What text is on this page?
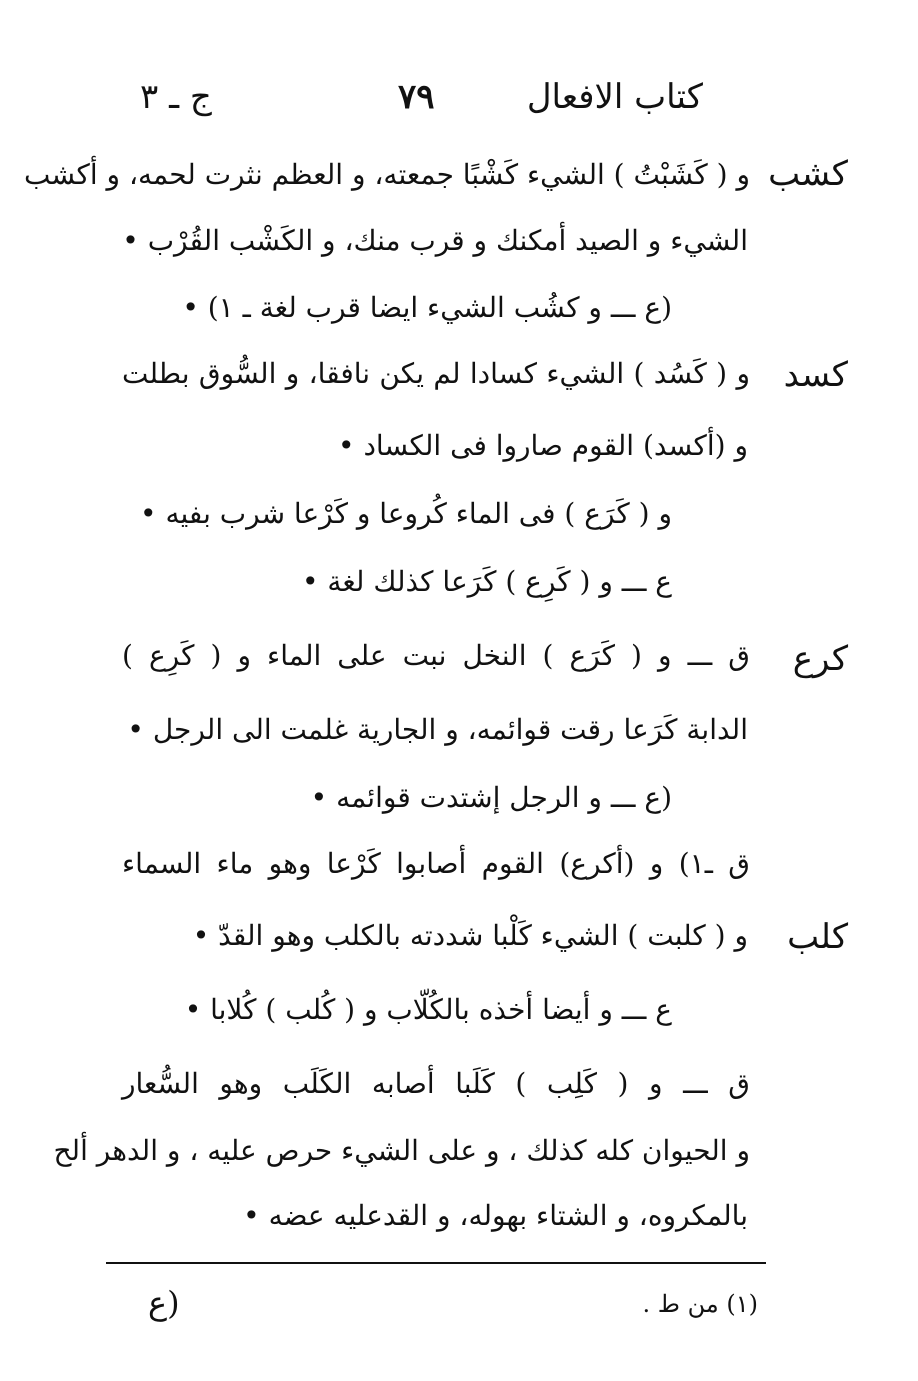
كتاب الافعال
٧٩
ج ـ ٣
كشب
و ( كَشَبْتُ ) الشيء كَشْبًا جمعته، و العظم نثرت لحمه، و أكشب
الشيء و الصيد أمكنك و قرب منك، و الكَشْب القُرْب •
(ع ـــ و كشُب الشيء ايضا قرب لغة ـ ١) •
كسد
و ( كَسُد ) الشيء كسادا لم يكن نافقا، و السُّوق بطلت
و (أكسد) القوم صاروا فى الكساد •
و ( كَرَع ) فى الماء كُروعا و كَرْعا شرب بفيه •
ع ـــ و ( كَرِع ) كَرَعا كذلك لغة •
كرع
ق ـــ و ( كَرَع ) النخل نبت على الماء و ( كَرِع )
الدابة كَرَعا رقت قوائمه، و الجارية غلمت الى الرجل •
(ع ـــ و الرجل إشتدت قوائمه •
ق ـ١) و (أكرع) القوم أصابوا كَرْعا وهو ماء السماء
كلب
و ( كلبت ) الشيء كَلْبا شددته بالكلب وهو القدّ •
ع ـــ و أيضا أخذه بالكُلّاب و ( كُلب ) كُلابا •
ق ـــ و ( كَلِب ) كَلَبا أصابه الكَلَب وهو السُّعار
و الحيوان كله كذلك ، و على الشيء حرص عليه ، و الدهر ألح
بالمكروه، و الشتاء بهوله، و القدعليه عضه •
(١) من ط .
(ع
